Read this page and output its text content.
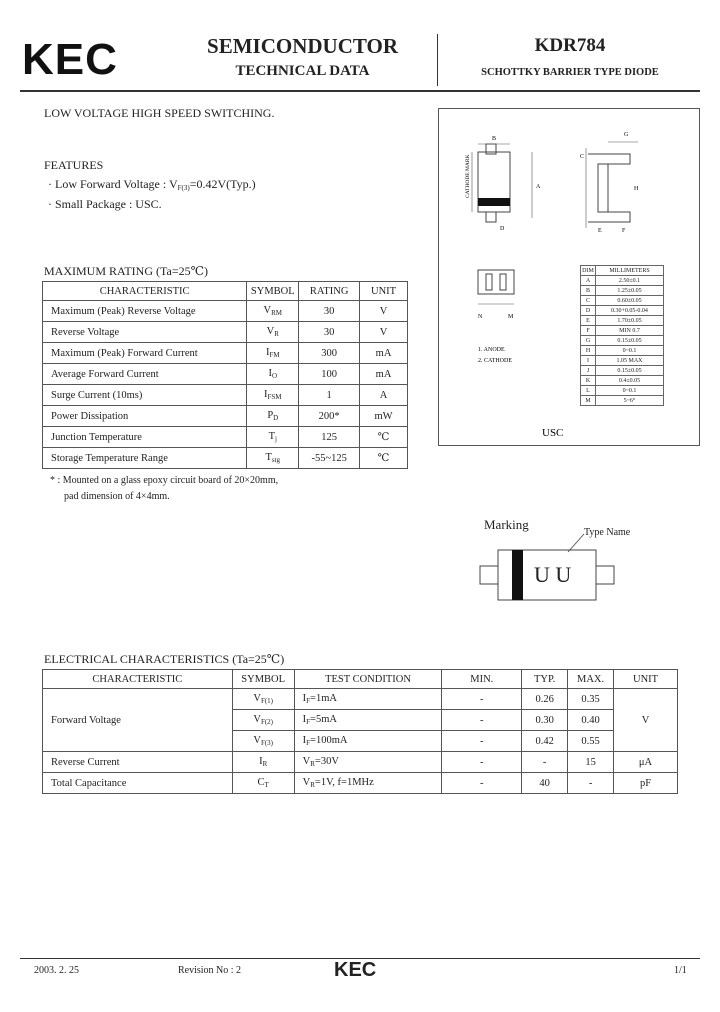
KEC	SEMICONDUCTOR
TECHNICAL DATA
KDR784
SCHOTTKY BARRIER TYPE DIODE
LOW VOLTAGE HIGH SPEED SWITCHING.
FEATURES
· Low Forward Voltage : $V_{F(3)}=0.42V(Typ.)$
· Small Package : USC.
MAXIMUM RATING (Ta=25℃)
CHARACTERISTIC	SYMBOL	RATING	UNIT
Maximum (Peak) Reverse Voltage	$V_{RM}$	30	V
Reverse Voltage	$V_R$	30	V
Maximum (Peak) Forward Current	$I_{FM}$	300	mA
Average Forward Current	$I_O$	100	mA
Surge Current (10ms)	$I_{FSM}$	1	A
Power Dissipation	$P_D$	200*	mW
Junction Temperature	$T_j$	125	℃
Storage Temperature Range	$T_{stg}$	-55~125	℃
* : Mounted on a glass epoxy circuit board of 20×20mm,
pad dimension of 4×4mm.
B
G
A
C
H
D	F
E
N	M
CATHODE MARK
1. ANODE
2. CATHODE
USC
DIM	MILLIMETERS
A	2.50±0.1
B	1.25±0.05
C	0.60±0.05
D	0.30+0.05-0.04
E	1.70±0.05
F	MIN 0.7
G	0.15±0.05
H	0~0.1
I	1.05 MAX
J	0.15±0.05
K	0.4±0.05
L	0~0.1
M	5~6°
Marking
Type Name
U U
ELECTRICAL CHARACTERISTICS (Ta=25℃)
CHARACTERISTIC	SYMBOL	TEST CONDITION	MIN.	TYP.	MAX.	UNIT
Forward Voltage	$V_{F(1)}$	$I_F=1mA$	-	0.26	0.35	V
	$V_{F(2)}$	$I_F=5mA$	-	0.30	0.40	
	$V_{F(3)}$	$I_F=100mA$	-	0.42	0.55	
Reverse Current	$I_R$	$V_R=30V$	-	-	15	μA
Total Capacitance	$C_T$	$V_R=1V$, f=1MHz	-	40	-	pF
2003. 2. 25	Revision No : 2	KEC	1/1
